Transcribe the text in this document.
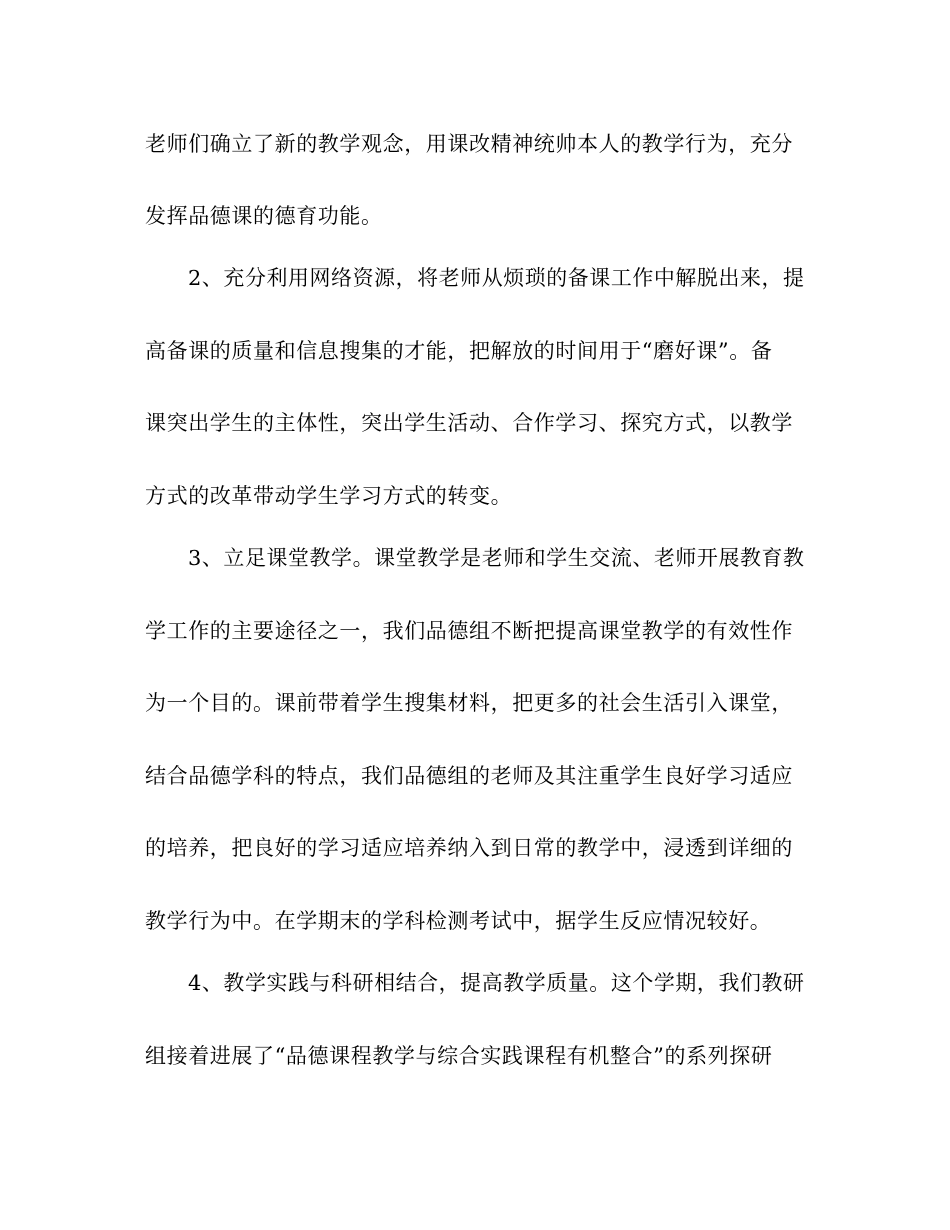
老师们确立了新的教学观念，用课改精神统帅本人的教学行为，充分

发挥品德课的德育功能。

2、充分利用网络资源，将老师从烦琐的备课工作中解脱出来，提

高备课的质量和信息搜集的才能，把解放的时间用于“磨好课”。备

课突出学生的主体性，突出学生活动、合作学习、探究方式，以教学

方式的改革带动学生学习方式的转变。

3、立足课堂教学。课堂教学是老师和学生交流、老师开展教育教

学工作的主要途径之一，我们品德组不断把提高课堂教学的有效性作

为一个目的。课前带着学生搜集材料，把更多的社会生活引入课堂，

结合品德学科的特点，我们品德组的老师及其注重学生良好学习适应

的培养，把良好的学习适应培养纳入到日常的教学中，浸透到详细的

教学行为中。在学期末的学科检测考试中，据学生反应情况较好。

4、教学实践与科研相结合，提高教学质量。这个学期，我们教研

组接着进展了“品德课程教学与综合实践课程有机整合”的系列探研
